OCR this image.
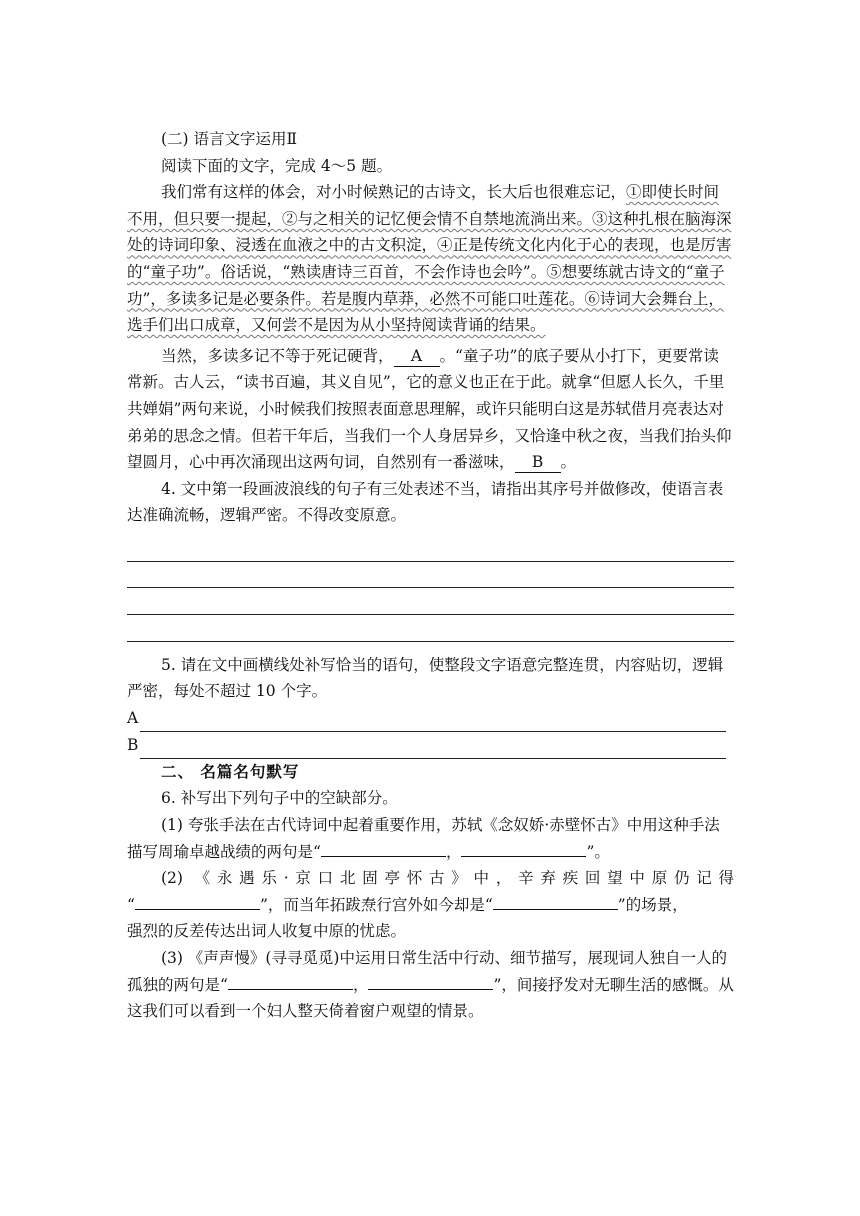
(二) 语言文字运用Ⅱ

阅读下面的文字，完成 4～5 题。

我们常有这样的体会，对小时候熟记的古诗文，长大后也很难忘记，①即使长时间不用，但只要一提起，②与之相关的记忆便会情不自禁地流淌出来。③这种扎根在脑海深处的诗词印象、浸透在血液之中的古文积淀，④正是传统文化内化于心的表现，也是厉害的“童子功”。俗话说，“熟读唐诗三百首，不会作诗也会吟”。⑤想要练就古诗文的“童子功”，多读多记是必要条件。若是腹内草莽，必然不可能口吐莲花。⑥诗词大会舞台上，选手们出口成章，又何尝不是因为从小坚持阅读背诵的结果。

当然，多读多记不等于死记硬背， A 。“童子功”的底子要从小打下，更要常读常新。古人云，“读书百遍，其义自见”，它的意义也正在于此。就拿“但愿人长久，千里共婵娟”两句来说，小时候我们按照表面意思理解，或许只能明白这是苏轼借月亮表达对弟弟的思念之情。但若干年后，当我们一个人身居异乡，又恰逢中秋之夜，当我们抬头仰望圆月，心中再次涌现出这两句词，自然别有一番滋味， B 。

4. 文中第一段画波浪线的句子有三处表述不当，请指出其序号并做修改，使语言表达准确流畅，逻辑严密。不得改变原意。

5. 请在文中画横线处补写恰当的语句，使整段文字语意完整连贯，内容贴切，逻辑严密，每处不超过 10 个字。

A
B

二、 名篇名句默写

6. 补写出下列句子中的空缺部分。

(1) 夸张手法在古代诗词中起着重要作用，苏轼《念奴娇·赤壁怀古》中用这种手法描写周瑜卓越战绩的两句是“	，	”。

(2) 《永遇乐·京口北固亭怀古》中，辛弃疾回望中原仍记得

“	”，而当年拓跋焘行宫外如今却是“	”的场景，

强烈的反差传达出词人收复中原的忧虑。

(3) 《声声慢》(寻寻觅觅)中运用日常生活中行动、细节描写，展现词人独自一人的孤独的两句是“	，	”，间接抒发对无聊生活的感慨。从这我们可以看到一个妇人整天倚着窗户观望的情景。
